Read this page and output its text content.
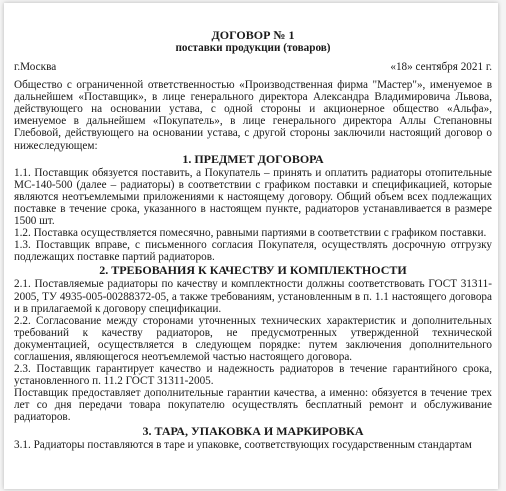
ДОГОВОР № 1
поставки продукции (товаров)
г.Москва	«18» сентября 2021 г.
Общество с ограниченной ответственностью «Производственная фирма "Мастер"», именуемое в дальнейшем «Поставщик», в лице генерального директора Александра Владимировича Львова, действующего на основании устава, с одной стороны и акционерное общество «Альфа», именуемое в дальнейшем «Покупатель», в лице генерального директора Аллы Степановны Глебовой, действующего на основании устава, с другой стороны заключили настоящий договор о нижеследующем:
1. ПРЕДМЕТ ДОГОВОРА
1.1. Поставщик обязуется поставить, а Покупатель – принять и оплатить радиаторы отопительные МС-140-500 (далее – радиаторы) в соответствии с графиком поставки и спецификацией, которые являются неотъемлемыми приложениями к настоящему договору. Общий объем всех подлежащих поставке в течение срока, указанного в настоящем пункте, радиаторов устанавливается в размере 1500 шт.
1.2. Поставка осуществляется помесячно, равными партиями в соответствии с графиком поставки.
1.3. Поставщик вправе, с письменного согласия Покупателя, осуществлять досрочную отгрузку подлежащих поставке партий радиаторов.
2. ТРЕБОВАНИЯ К КАЧЕСТВУ И КОМПЛЕКТНОСТИ
2.1. Поставляемые радиаторы по качеству и комплектности должны соответствовать ГОСТ 31311-2005, ТУ 4935-005-00288372-05, а также требованиям, установленным в п. 1.1 настоящего договора и в прилагаемой к договору спецификации.
2.2. Согласование между сторонами уточненных технических характеристик и дополнительных требований к качеству радиаторов, не предусмотренных утвержденной технической документацией, осуществляется в следующем порядке: путем заключения дополнительного соглашения, являющегося неотъемлемой частью настоящего договора.
2.3. Поставщик гарантирует качество и надежность радиаторов в течение гарантийного срока, установленного п. 11.2 ГОСТ 31311-2005.
Поставщик предоставляет дополнительные гарантии качества, а именно: обязуется в течение трех лет со дня передачи товара покупателю осуществлять бесплатный ремонт и обслуживание радиаторов.
3. ТАРА, УПАКОВКА И МАРКИРОВКА
3.1. Радиаторы поставляются в таре и упаковке, соответствующих государственным стандартам
